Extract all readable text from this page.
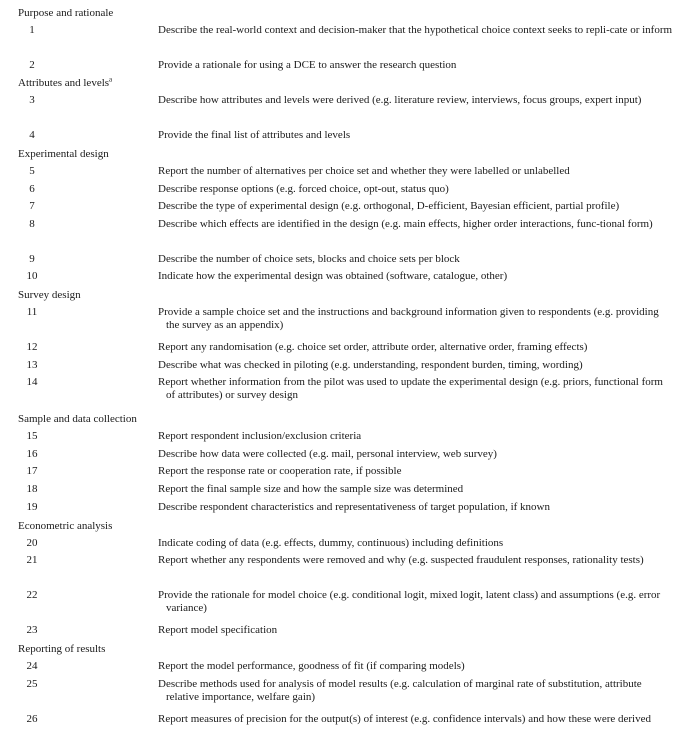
Purpose and rationale
1	Describe the real-world context and decision-maker that the hypothetical choice context seeks to repli-cate or inform
2	Provide a rationale for using a DCE to answer the research question
Attributes and levels$^a$
3	Describe how attributes and levels were derived (e.g. literature review, interviews, focus groups, expert input)
4	Provide the final list of attributes and levels
Experimental design
5	Report the number of alternatives per choice set and whether they were labelled or unlabelled
6	Describe response options (e.g. forced choice, opt-out, status quo)
7	Describe the type of experimental design (e.g. orthogonal, D-efficient, Bayesian efficient, partial profile)
8	Describe which effects are identified in the design (e.g. main effects, higher order interactions, func-tional form)
9	Describe the number of choice sets, blocks and choice sets per block
10	Indicate how the experimental design was obtained (software, catalogue, other)
Survey design
11	Provide a sample choice set and the instructions and background information given to respondents (e.g. providing the survey as an appendix)
12	Report any randomisation (e.g. choice set order, attribute order, alternative order, framing effects)
13	Describe what was checked in piloting (e.g. understanding, respondent burden, timing, wording)
14	Report whether information from the pilot was used to update the experimental design (e.g. priors, functional form of attributes) or survey design
Sample and data collection
15	Report respondent inclusion/exclusion criteria
16	Describe how data were collected (e.g. mail, personal interview, web survey)
17	Report the response rate or cooperation rate, if possible
18	Report the final sample size and how the sample size was determined
19	Describe respondent characteristics and representativeness of target population, if known
Econometric analysis
20	Indicate coding of data (e.g. effects, dummy, continuous) including definitions
21	Report whether any respondents were removed and why (e.g. suspected fraudulent responses, rationality tests)
22	Provide the rationale for model choice (e.g. conditional logit, mixed logit, latent class) and assumptions (e.g. error variance)
23	Report model specification
Reporting of results
24	Report the model performance, goodness of fit (if comparing models)
25	Describe methods used for analysis of model results (e.g. calculation of marginal rate of substitution, attribute relative importance, welfare gain)
26	Report measures of precision for the output(s) of interest (e.g. confidence intervals) and how these were derived
